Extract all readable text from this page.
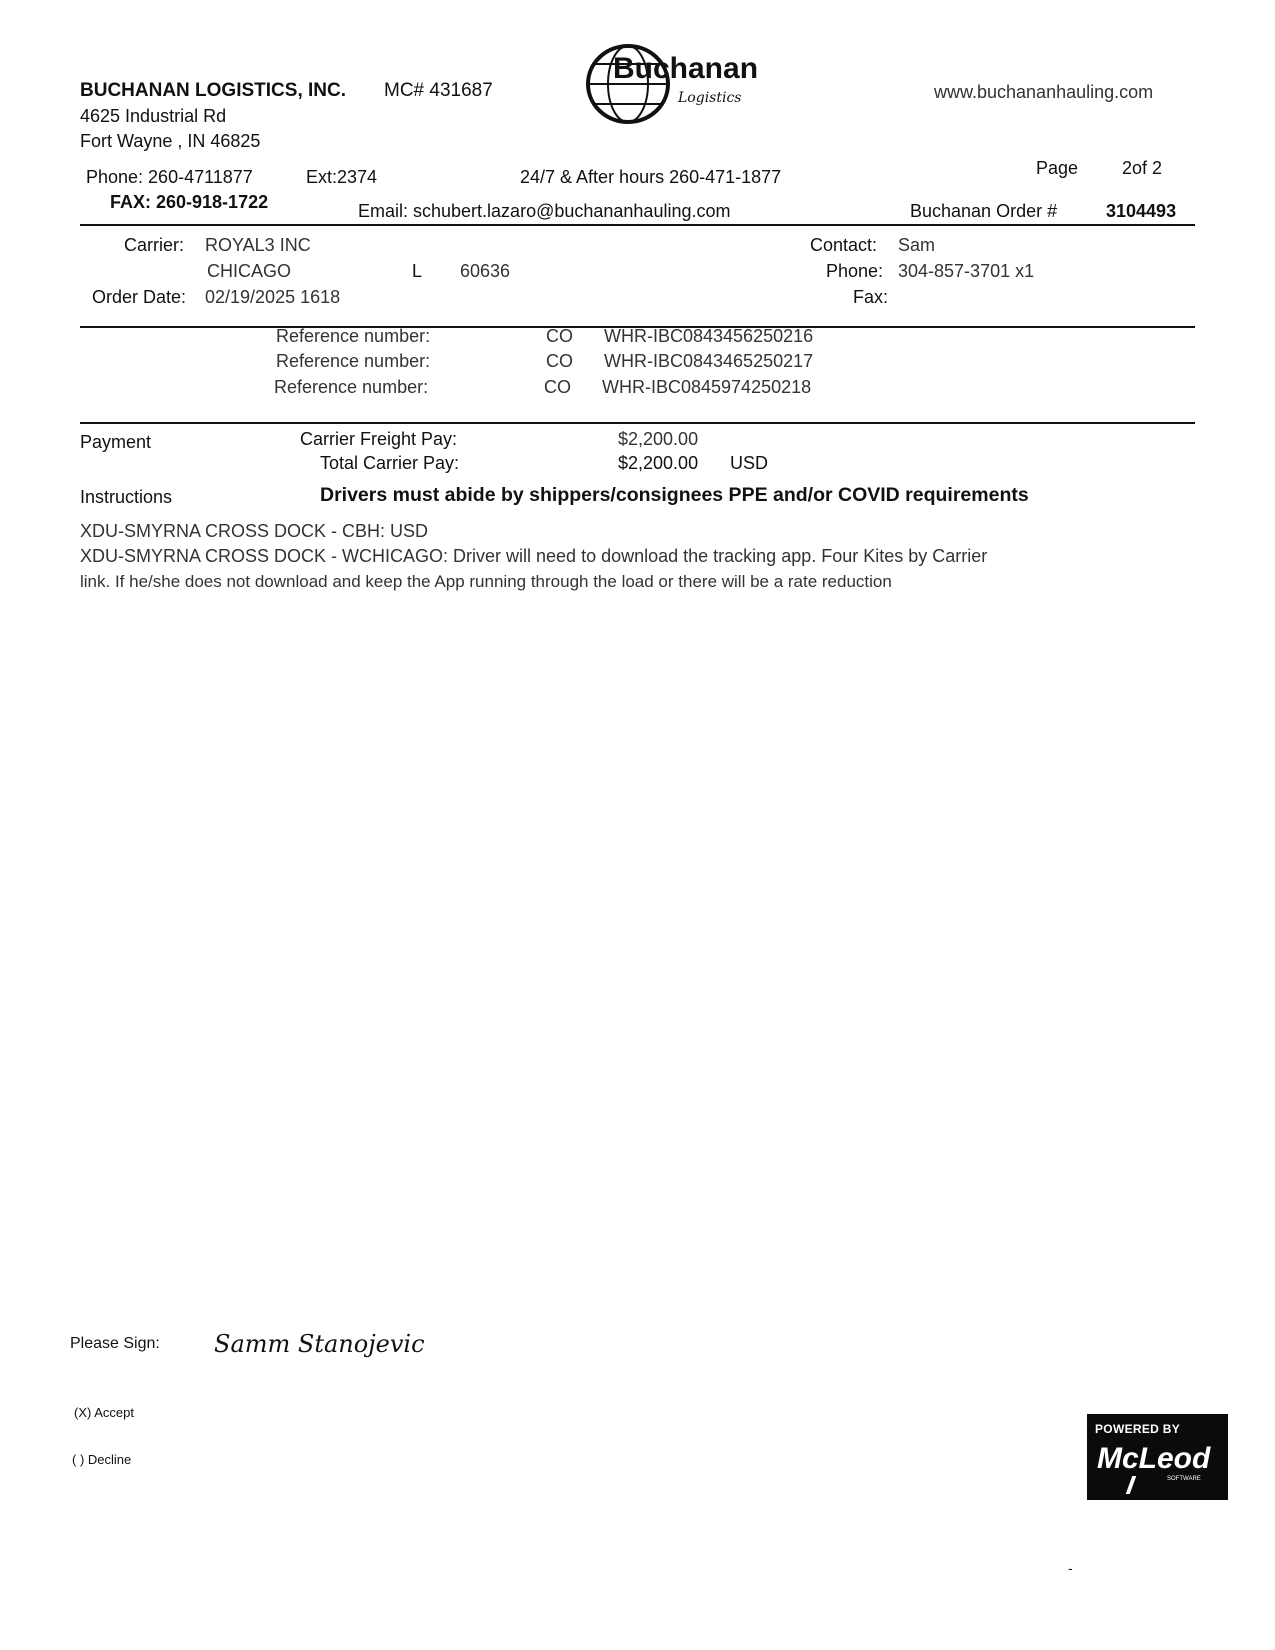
BUCHANAN LOGISTICS, INC. MC# 431687
4625 Industrial Rd
Fort Wayne , IN 46825
Buchanan
Logistics	www.buchananhauling.com
Phone: 260-4711877	Ext:2374
FAX: 260-918-1722
24/7 & After hours 260-471-1877
Email: schubert.lazaro@buchananhauling.com
Page 2of 2
Buchanan Order #	3104493
Carrier: ROYAL3 INC
CHICAGO	L 60636
Order Date: 02/19/2025 1618
Contact: Sam
Phone: 304-857-3701 x1
Fax:
Reference number:	CO WHR-IBC0843456250216
Reference number:	CO WHR-IBC0843465250217
Reference number:	CO WHR-IBC0845974250218
Payment	Carrier Freight Pay:	$2,200.00
Total Carrier Pay:	$2,200.00 USD
Instructions	Drivers must abide by shippers/consignees PPE and/or COVID requirements
XDU-SMYRNA CROSS DOCK - CBH: USD
XDU-SMYRNA CROSS DOCK - WCHICAGO: Driver will need to download the tracking app. Four Kites by Carrier
link. If he/she does not download and keep the App running through the load or there will be a rate reduction
Please Sign: Samm Stanojevic
(X) Accept
( ) Decline
POWERED BY
McLeod
SOFTWARE
-
